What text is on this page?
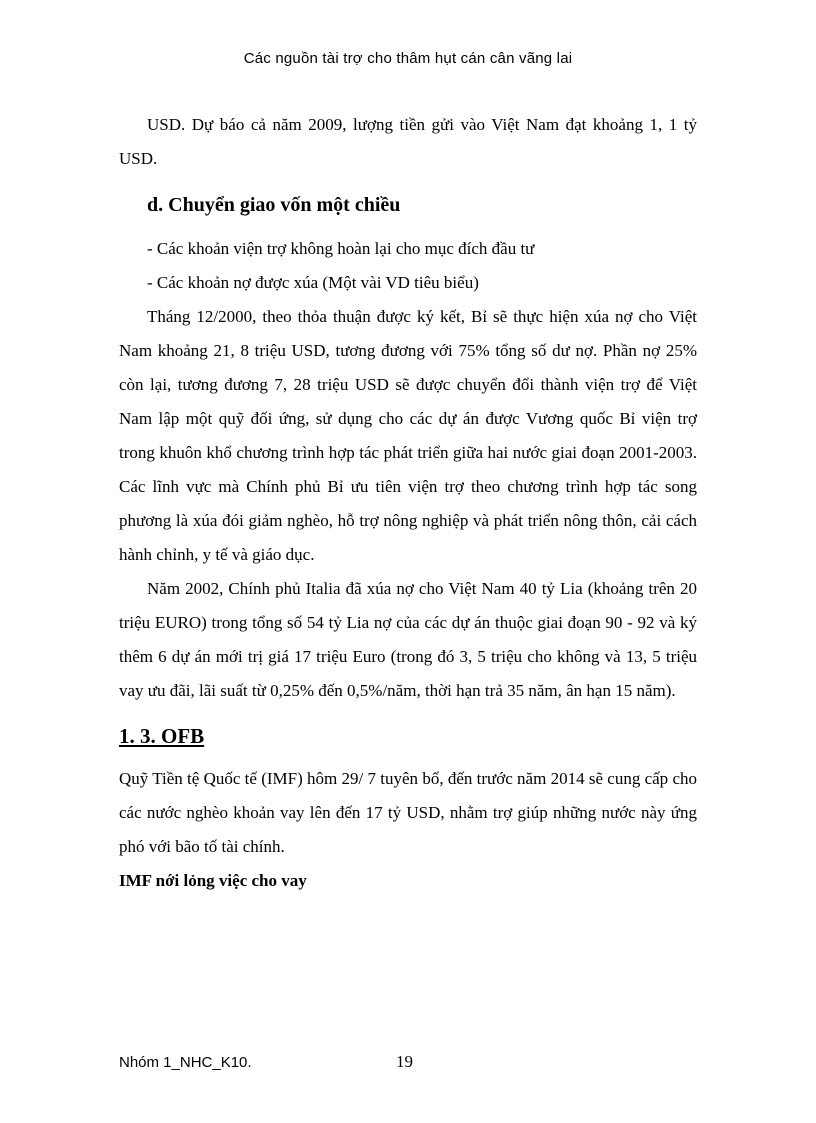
Các nguồn tài trợ cho thâm hụt cán cân vãng lai

USD. Dự báo cả năm 2009, lượng tiền gửi vào Việt Nam đạt khoảng 1, 1 tỷ USD.

d. Chuyển giao vốn một chiều

- Các khoản viện trợ không hoàn lại cho mục đích đầu tư

- Các khoản nợ được xúa (Một vài VD tiêu biểu)

Tháng 12/2000, theo thỏa thuận được ký kết, Bỉ sẽ thực hiện xúa nợ cho Việt Nam khoảng 21, 8 triệu USD, tương đương với 75% tổng số dư nợ. Phần nợ 25% còn lại, tương đương 7, 28 triệu USD sẽ được chuyển đổi thành viện trợ để Việt Nam lập một quỹ đối ứng, sử dụng cho các dự án được Vương quốc Bỉ viện trợ trong khuôn khổ chương trình hợp tác phát triển giữa hai nước giai đoạn 2001-2003. Các lĩnh vực mà Chính phủ Bỉ ưu tiên viện trợ theo chương trình hợp tác song phương là xúa đói giảm nghèo, hỗ trợ nông nghiệp và phát triển nông thôn, cải cách hành chỉnh, y tế và giáo dục.

Năm 2002, Chính phủ Italia đã xúa nợ cho Việt Nam 40 tỷ Lia (khoảng trên 20 triệu EURO) trong tổng số 54 tỷ Lia nợ của các dự án thuộc giai đoạn 90 - 92 và ký thêm 6 dự án mới trị giá 17 triệu Euro (trong đó 3, 5 triệu cho không và 13, 5 triệu vay ưu đãi, lãi suất từ 0,25% đến 0,5%/năm, thời hạn trả 35 năm, ân hạn 15 năm).

1. 3. OFB

Quỹ Tiền tệ Quốc tế (IMF) hôm 29/ 7 tuyên bố, đến trước năm 2014 sẽ cung cấp cho các nước nghèo khoản vay lên đến 17 tỷ USD, nhằm trợ giúp những nước này ứng phó với bão tố tài chính.

IMF nới lỏng việc cho vay
Nhóm 1_NHC_K10.	19
